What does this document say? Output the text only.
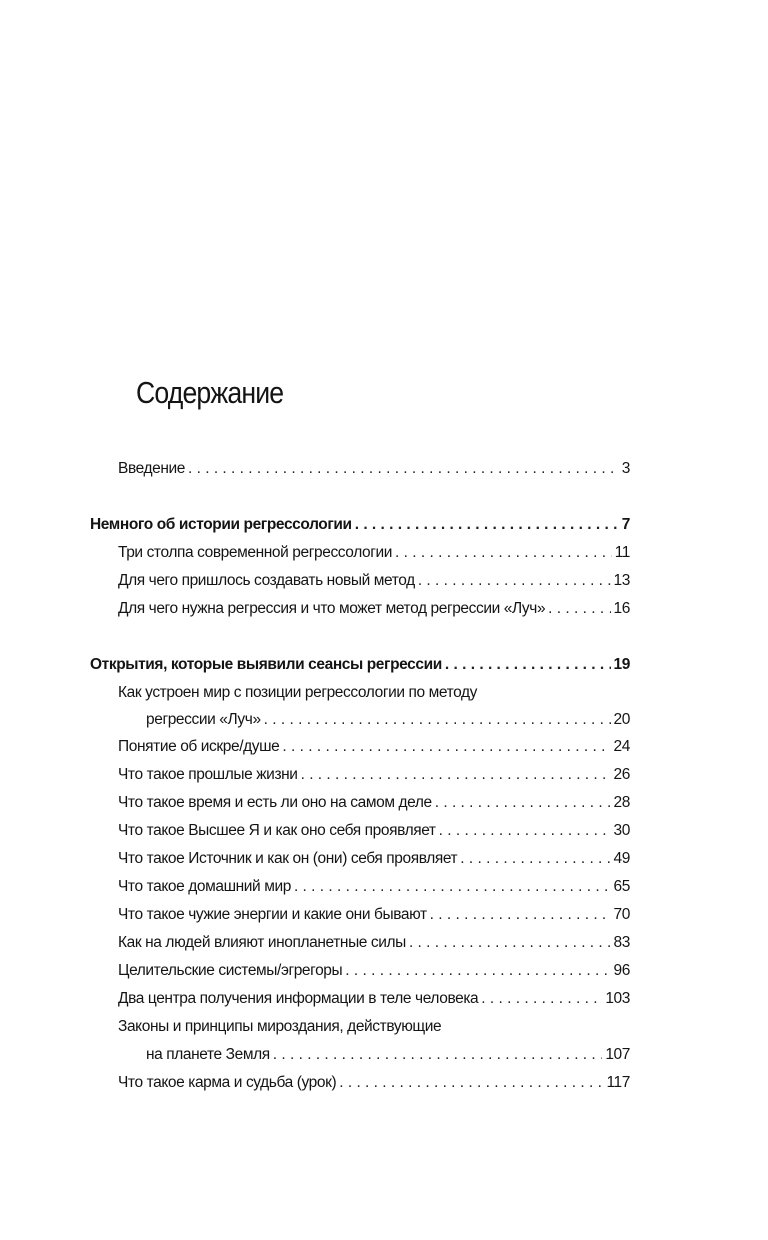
Содержание
Введение . . .	3
Немного об истории регрессологии . . .	7
Три столпа современной регрессологии . . .	11
Для чего пришлось создавать новый метод . . .	13
Для чего нужна регрессия и что может метод регрессии «Луч» . . .	16
Открытия, которые выявили сеансы регрессии . . .	19
Как устроен мир с позиции регрессологии по методу
регрессии «Луч» . . .	20
Понятие об искре/душе . . .	24
Что такое прошлые жизни . . .	26
Что такое время и есть ли оно на самом деле . . .	28
Что такое Высшее Я и как оно себя проявляет . . .	30
Что такое Источник и как он (они) себя проявляет . . .	49
Что такое домашний мир . . .	65
Что такое чужие энергии и какие они бывают . . .	70
Как на людей влияют инопланетные силы . . .	83
Целительские системы/эгрегоры . . .	96
Два центра получения информации в теле человека . . .	103
Законы и принципы мироздания, действующие
на планете Земля . . .	107
Что такое карма и судьба (урок) . . .	117
